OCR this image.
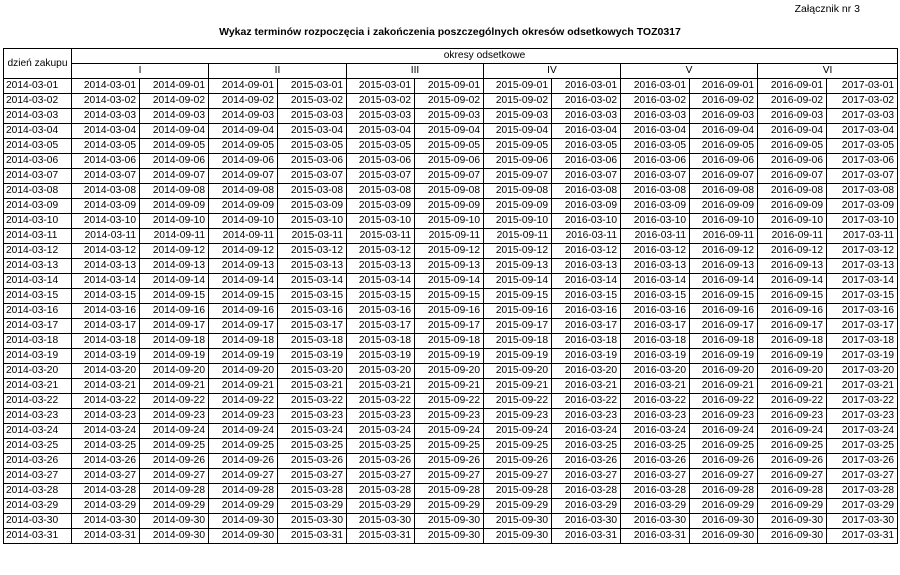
Załącznik nr 3
Wykaz terminów rozpoczęcia i zakończenia poszczególnych okresów odsetkowych TOZ0317
dzień zakupu	okresy odsetkowe											
	I		II		III		IV		V		VI	
2014-03-01	2014-03-01	2014-09-01	2014-09-01	2015-03-01	2015-03-01	2015-09-01	2015-09-01	2016-03-01	2016-03-01	2016-09-01	2016-09-01	2017-03-01
2014-03-02	2014-03-02	2014-09-02	2014-09-02	2015-03-02	2015-03-02	2015-09-02	2015-09-02	2016-03-02	2016-03-02	2016-09-02	2016-09-02	2017-03-02
2014-03-03	2014-03-03	2014-09-03	2014-09-03	2015-03-03	2015-03-03	2015-09-03	2015-09-03	2016-03-03	2016-03-03	2016-09-03	2016-09-03	2017-03-03
2014-03-04	2014-03-04	2014-09-04	2014-09-04	2015-03-04	2015-03-04	2015-09-04	2015-09-04	2016-03-04	2016-03-04	2016-09-04	2016-09-04	2017-03-04
2014-03-05	2014-03-05	2014-09-05	2014-09-05	2015-03-05	2015-03-05	2015-09-05	2015-09-05	2016-03-05	2016-03-05	2016-09-05	2016-09-05	2017-03-05
2014-03-06	2014-03-06	2014-09-06	2014-09-06	2015-03-06	2015-03-06	2015-09-06	2015-09-06	2016-03-06	2016-03-06	2016-09-06	2016-09-06	2017-03-06
2014-03-07	2014-03-07	2014-09-07	2014-09-07	2015-03-07	2015-03-07	2015-09-07	2015-09-07	2016-03-07	2016-03-07	2016-09-07	2016-09-07	2017-03-07
2014-03-08	2014-03-08	2014-09-08	2014-09-08	2015-03-08	2015-03-08	2015-09-08	2015-09-08	2016-03-08	2016-03-08	2016-09-08	2016-09-08	2017-03-08
2014-03-09	2014-03-09	2014-09-09	2014-09-09	2015-03-09	2015-03-09	2015-09-09	2015-09-09	2016-03-09	2016-03-09	2016-09-09	2016-09-09	2017-03-09
2014-03-10	2014-03-10	2014-09-10	2014-09-10	2015-03-10	2015-03-10	2015-09-10	2015-09-10	2016-03-10	2016-03-10	2016-09-10	2016-09-10	2017-03-10
2014-03-11	2014-03-11	2014-09-11	2014-09-11	2015-03-11	2015-03-11	2015-09-11	2015-09-11	2016-03-11	2016-03-11	2016-09-11	2016-09-11	2017-03-11
2014-03-12	2014-03-12	2014-09-12	2014-09-12	2015-03-12	2015-03-12	2015-09-12	2015-09-12	2016-03-12	2016-03-12	2016-09-12	2016-09-12	2017-03-12
2014-03-13	2014-03-13	2014-09-13	2014-09-13	2015-03-13	2015-03-13	2015-09-13	2015-09-13	2016-03-13	2016-03-13	2016-09-13	2016-09-13	2017-03-13
2014-03-14	2014-03-14	2014-09-14	2014-09-14	2015-03-14	2015-03-14	2015-09-14	2015-09-14	2016-03-14	2016-03-14	2016-09-14	2016-09-14	2017-03-14
2014-03-15	2014-03-15	2014-09-15	2014-09-15	2015-03-15	2015-03-15	2015-09-15	2015-09-15	2016-03-15	2016-03-15	2016-09-15	2016-09-15	2017-03-15
2014-03-16	2014-03-16	2014-09-16	2014-09-16	2015-03-16	2015-03-16	2015-09-16	2015-09-16	2016-03-16	2016-03-16	2016-09-16	2016-09-16	2017-03-16
2014-03-17	2014-03-17	2014-09-17	2014-09-17	2015-03-17	2015-03-17	2015-09-17	2015-09-17	2016-03-17	2016-03-17	2016-09-17	2016-09-17	2017-03-17
2014-03-18	2014-03-18	2014-09-18	2014-09-18	2015-03-18	2015-03-18	2015-09-18	2015-09-18	2016-03-18	2016-03-18	2016-09-18	2016-09-18	2017-03-18
2014-03-19	2014-03-19	2014-09-19	2014-09-19	2015-03-19	2015-03-19	2015-09-19	2015-09-19	2016-03-19	2016-03-19	2016-09-19	2016-09-19	2017-03-19
2014-03-20	2014-03-20	2014-09-20	2014-09-20	2015-03-20	2015-03-20	2015-09-20	2015-09-20	2016-03-20	2016-03-20	2016-09-20	2016-09-20	2017-03-20
2014-03-21	2014-03-21	2014-09-21	2014-09-21	2015-03-21	2015-03-21	2015-09-21	2015-09-21	2016-03-21	2016-03-21	2016-09-21	2016-09-21	2017-03-21
2014-03-22	2014-03-22	2014-09-22	2014-09-22	2015-03-22	2015-03-22	2015-09-22	2015-09-22	2016-03-22	2016-03-22	2016-09-22	2016-09-22	2017-03-22
2014-03-23	2014-03-23	2014-09-23	2014-09-23	2015-03-23	2015-03-23	2015-09-23	2015-09-23	2016-03-23	2016-03-23	2016-09-23	2016-09-23	2017-03-23
2014-03-24	2014-03-24	2014-09-24	2014-09-24	2015-03-24	2015-03-24	2015-09-24	2015-09-24	2016-03-24	2016-03-24	2016-09-24	2016-09-24	2017-03-24
2014-03-25	2014-03-25	2014-09-25	2014-09-25	2015-03-25	2015-03-25	2015-09-25	2015-09-25	2016-03-25	2016-03-25	2016-09-25	2016-09-25	2017-03-25
2014-03-26	2014-03-26	2014-09-26	2014-09-26	2015-03-26	2015-03-26	2015-09-26	2015-09-26	2016-03-26	2016-03-26	2016-09-26	2016-09-26	2017-03-26
2014-03-27	2014-03-27	2014-09-27	2014-09-27	2015-03-27	2015-03-27	2015-09-27	2015-09-27	2016-03-27	2016-03-27	2016-09-27	2016-09-27	2017-03-27
2014-03-28	2014-03-28	2014-09-28	2014-09-28	2015-03-28	2015-03-28	2015-09-28	2015-09-28	2016-03-28	2016-03-28	2016-09-28	2016-09-28	2017-03-28
2014-03-29	2014-03-29	2014-09-29	2014-09-29	2015-03-29	2015-03-29	2015-09-29	2015-09-29	2016-03-29	2016-03-29	2016-09-29	2016-09-29	2017-03-29
2014-03-30	2014-03-30	2014-09-30	2014-09-30	2015-03-30	2015-03-30	2015-09-30	2015-09-30	2016-03-30	2016-03-30	2016-09-30	2016-09-30	2017-03-30
2014-03-31	2014-03-31	2014-09-30	2014-09-30	2015-03-31	2015-03-31	2015-09-30	2015-09-30	2016-03-31	2016-03-31	2016-09-30	2016-09-30	2017-03-31
